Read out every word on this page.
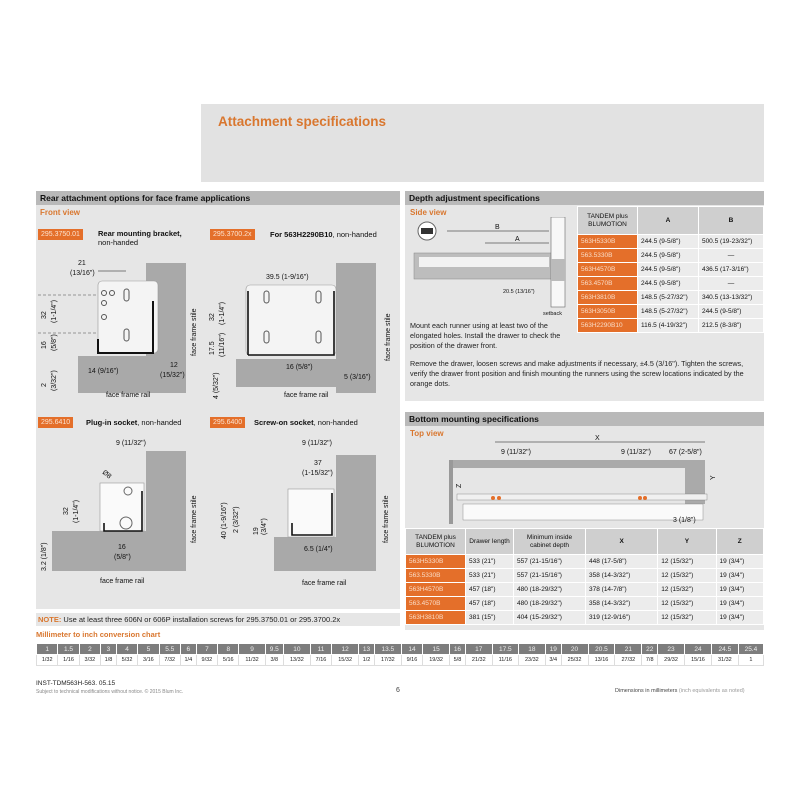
Attachment specifications
Rear attachment options for face frame applications
Front view
295.3750.01	Rear mounting bracket,
non-handed
295.3700.2x	For 563H2290B10, non-handed
21
(13/16")
32 (1-1/4")
16 (5/8")
2 (3/32")	14 (9/16")
12
(15/32")
face frame stile
face frame rail
39.5 (1-9/16")
32 (1-1/4")
17.5 (11/16")
4 (5/32")
16 (5/8")
5 (3/16")
face frame stile
face frame rail
295.6410	Plug-in socket, non-handed	295.6400	Screw-on socket, non-handed
9 (11/32")
Ø8
32 (1-1/4")
3.2 (1/8")	16
(5/8")
face frame stile
face frame rail
9 (11/32")
37
(1-15/32")
40 (1-9/16") 2 (3/32") 19 (3/4")
6.5 (1/4")
face frame stile
face frame rail
NOTE: Use at least three 606N or 606P installation screws for 295.3750.01 or 295.3700.2x
Depth adjustment specifications
Side view
B
A
20.5 (13/16")
setback
TANDEM plus BLUMOTION	A	B
563H5330B	244.5 (9-5/8")	500.5 (19-23/32")
563.5330B	244.5 (9-5/8")	—
563H4570B	244.5 (9-5/8")	436.5 (17-3/16")
563.4570B	244.5 (9-5/8")	—
563H3810B	148.5 (5-27/32")	340.5 (13-13/32")
563H3050B	148.5 (5-27/32")	244.5 (9-5/8")
563H2290B10	116.5 (4-19/32")	212.5 (8-3/8")
Mount each runner using at least two of the elongated holes. Install the drawer to check the position of the drawer front.
Remove the drawer, loosen screws and make adjustments if necessary, ±4.5 (3/16"). Tighten the screws, verify the drawer front position and finish mounting the runners using the screw locations indicated by the orange dots.
Bottom mounting specifications
Top view
X
9 (11/32")	9 (11/32")	67 (2-5/8")
Z
Y
3 (1/8")
TANDEM plus BLUMOTION	Drawer length	Minimum inside cabinet depth	X	Y	Z
563H5330B	533 (21")	557 (21-15/16")	448 (17-5/8")	12 (15/32")	19 (3/4")
563.5330B	533 (21")	557 (21-15/16")	358 (14-3/32")	12 (15/32")	19 (3/4")
563H4570B	457 (18")	480 (18-29/32")	378 (14-7/8")	12 (15/32")	19 (3/4")
563.4570B	457 (18")	480 (18-29/32")	358 (14-3/32")	12 (15/32")	19 (3/4")
563H3810B	381 (15")	404 (15-29/32")	319 (12-9/16")	12 (15/32")	19 (3/4")
Millimeter to inch conversion chart
1	1.5	2	3	4	5	5.5	6	7	8	9	9.5	10	11	12	13	13.5	14	15	16	17	17.5	18	19	20	20.5	21	22	23	24	24.5	25.4
1/32	1/16	3/32	1/8	5/32	3/16	7/32	1/4	9/32	5/16	11/32	3/8	13/32	7/16	15/32	1/2	17/32	9/16	19/32	5/8	21/32	11/16	23/32	3/4	25/32	13/16	27/32	7/8	29/32	15/16	31/32	1
INST-TDM563H-563. 05.15
Subject to technical modifications without notice. © 2015 Blum Inc.	6	Dimensions in millimeters (inch equivalents as noted)
